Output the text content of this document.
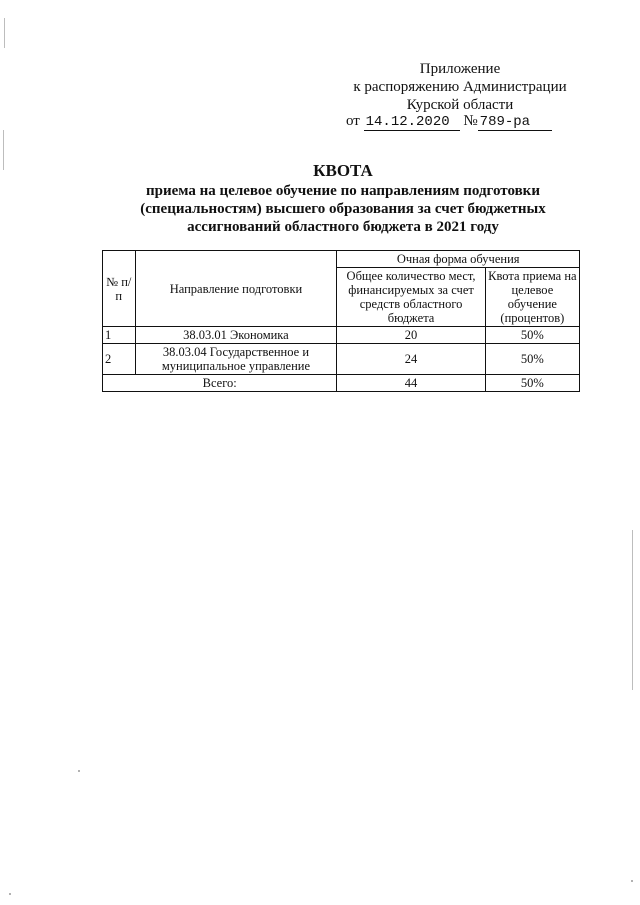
Приложение
к распоряжению Администрации
Курской области
от 14.12.2020 № 789-ра
КВОТА
приема на целевое обучение по направлениям подготовки
(специальностям) высшего образования за счет бюджетных
ассигнований областного бюджета в 2021 году
№ п/п	Направление подготовки	Очная форма обучения	
		Общее количество мест, финансируемых за счет средств областного бюджета	Квота приема на целевое обучение (процентов)
1	38.03.01 Экономика	20	50%
2	38.03.04 Государственное и муниципальное управление	24	50%
Всего:		44	50%
